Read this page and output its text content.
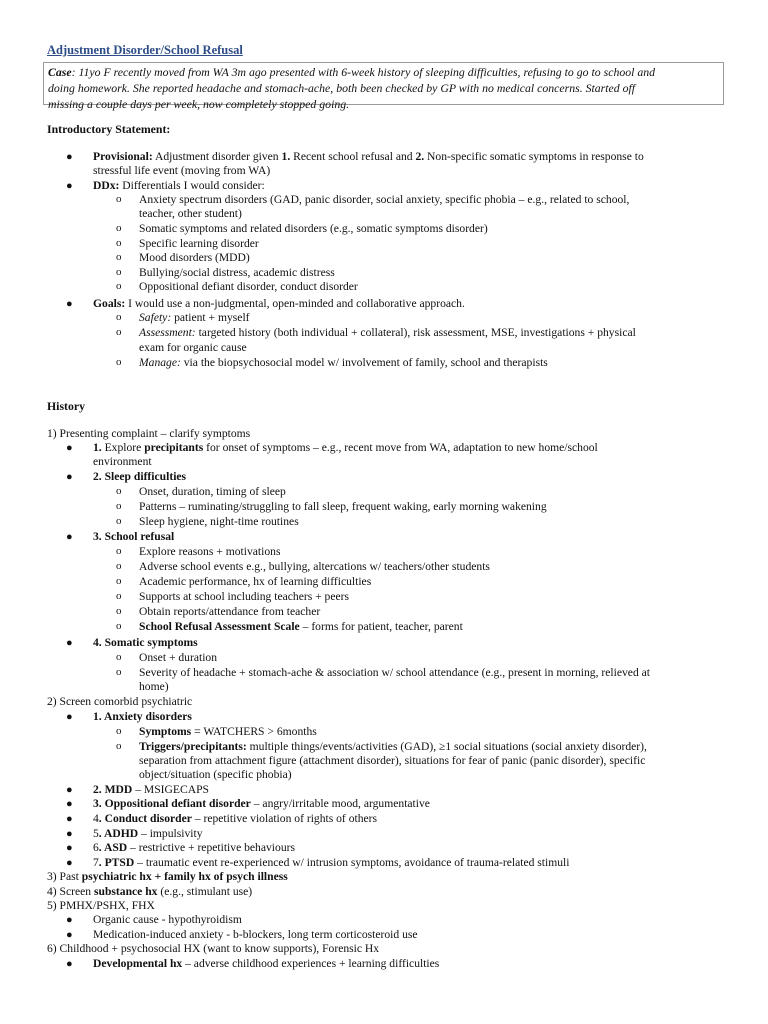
Adjustment Disorder/School Refusal
Case: 11yo F recently moved from WA 3m ago presented with 6-week history of sleeping difficulties, refusing to go to school and
doing homework. She reported headache and stomach-ache, both been checked by GP with no medical concerns. Started off
missing a couple days per week, now completely stopped going.
Introductory Statement:
● Provisional: Adjustment disorder given 1. Recent school refusal and 2. Non-specific somatic symptoms in response to
stressful life event (moving from WA)
● DDx: Differentials I would consider:
o Anxiety spectrum disorders (GAD, panic disorder, social anxiety, specific phobia – e.g., related to school,
teacher, other student)
o Somatic symptoms and related disorders (e.g., somatic symptoms disorder)
o Specific learning disorder
o Mood disorders (MDD)
o Bullying/social distress, academic distress
o Oppositional defiant disorder, conduct disorder
● Goals: I would use a non-judgmental, open-minded and collaborative approach.
o Safety: patient + myself
o Assessment: targeted history (both individual + collateral), risk assessment, MSE, investigations + physical
exam for organic cause
o Manage: via the biopsychosocial model w/ involvement of family, school and therapists
History
1) Presenting complaint – clarify symptoms
● 1. Explore precipitants for onset of symptoms – e.g., recent move from WA, adaptation to new home/school
environment
● 2. Sleep difficulties
o Onset, duration, timing of sleep
o Patterns – ruminating/struggling to fall sleep, frequent waking, early morning wakening
o Sleep hygiene, night-time routines
● 3. School refusal
o Explore reasons + motivations
o Adverse school events e.g., bullying, altercations w/ teachers/other students
o Academic performance, hx of learning difficulties
o Supports at school including teachers + peers
o Obtain reports/attendance from teacher
o School Refusal Assessment Scale – forms for patient, teacher, parent
● 4. Somatic symptoms
o Onset + duration
o Severity of headache + stomach-ache & association w/ school attendance (e.g., present in morning, relieved at
home)
2) Screen comorbid psychiatric
● 1. Anxiety disorders
o Symptoms = WATCHERS > 6months
o Triggers/precipitants: multiple things/events/activities (GAD), ≥1 social situations (social anxiety disorder),
separation from attachment figure (attachment disorder), situations for fear of panic (panic disorder), specific
object/situation (specific phobia)
● 2. MDD – MSIGECAPS
● 3. Oppositional defiant disorder – angry/irritable mood, argumentative
● 4. Conduct disorder – repetitive violation of rights of others
● 5. ADHD – impulsivity
● 6. ASD – restrictive + repetitive behaviours
● 7. PTSD – traumatic event re-experienced w/ intrusion symptoms, avoidance of trauma-related stimuli
3) Past psychiatric hx + family hx of psych illness
4) Screen substance hx (e.g., stimulant use)
5) PMHX/PSHX, FHX
● Organic cause - hypothyroidism
● Medication-induced anxiety - b-blockers, long term corticosteroid use
6) Childhood + psychosocial HX (want to know supports), Forensic Hx
● Developmental hx – adverse childhood experiences + learning difficulties
